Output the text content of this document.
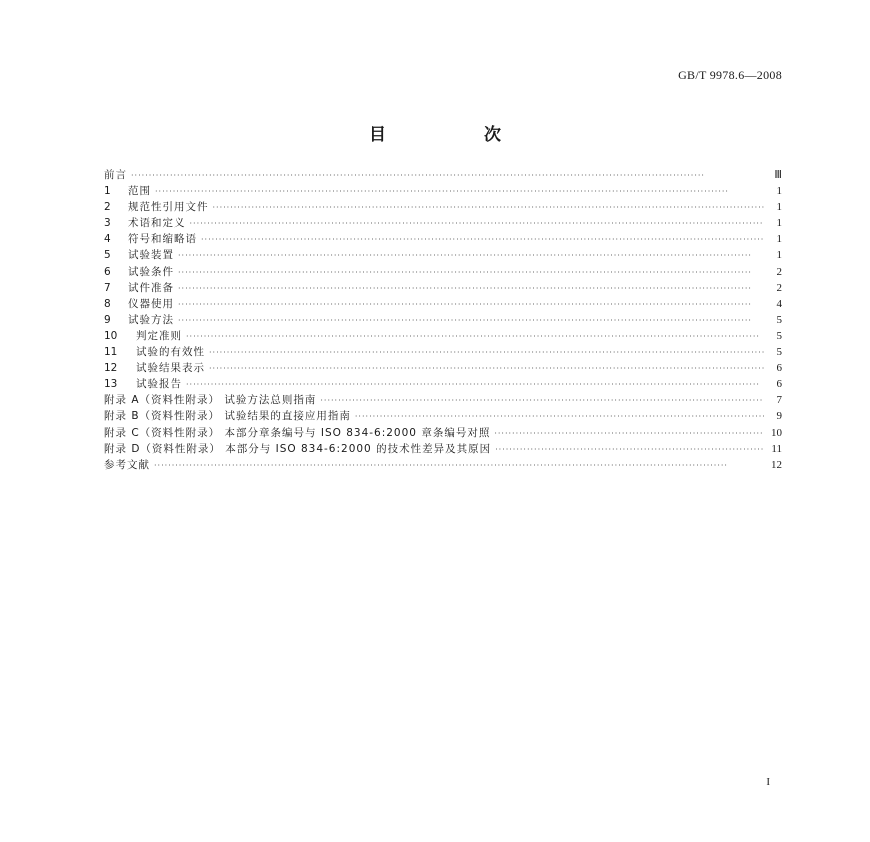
GB/T 9978.6—2008
目 次
前言 ·····	Ⅲ
1	范围 ·····	1
2	规范性引用文件 ·····	1
3	术语和定义 ·····	1
4	符号和缩略语 ·····	1
5	试验装置 ·····	1
6	试验条件 ·····	2
7	试件准备 ·····	2
8	仪器使用 ·····	4
9	试验方法 ·····	5
10	判定准则 ·····	5
11	试验的有效性 ·····	5
12	试验结果表示 ·····	6
13	试验报告 ·····	6
附录 A（资料性附录） 试验方法总则指南 ·····	7
附录 B（资料性附录） 试验结果的直接应用指南 ·····	9
附录 C（资料性附录） 本部分章条编号与 ISO 834-6:2000 章条编号对照 ·····	10
附录 D（资料性附录） 本部分与 ISO 834-6:2000 的技术性差异及其原因 ·····	11
参考文献 ·····	12
I
